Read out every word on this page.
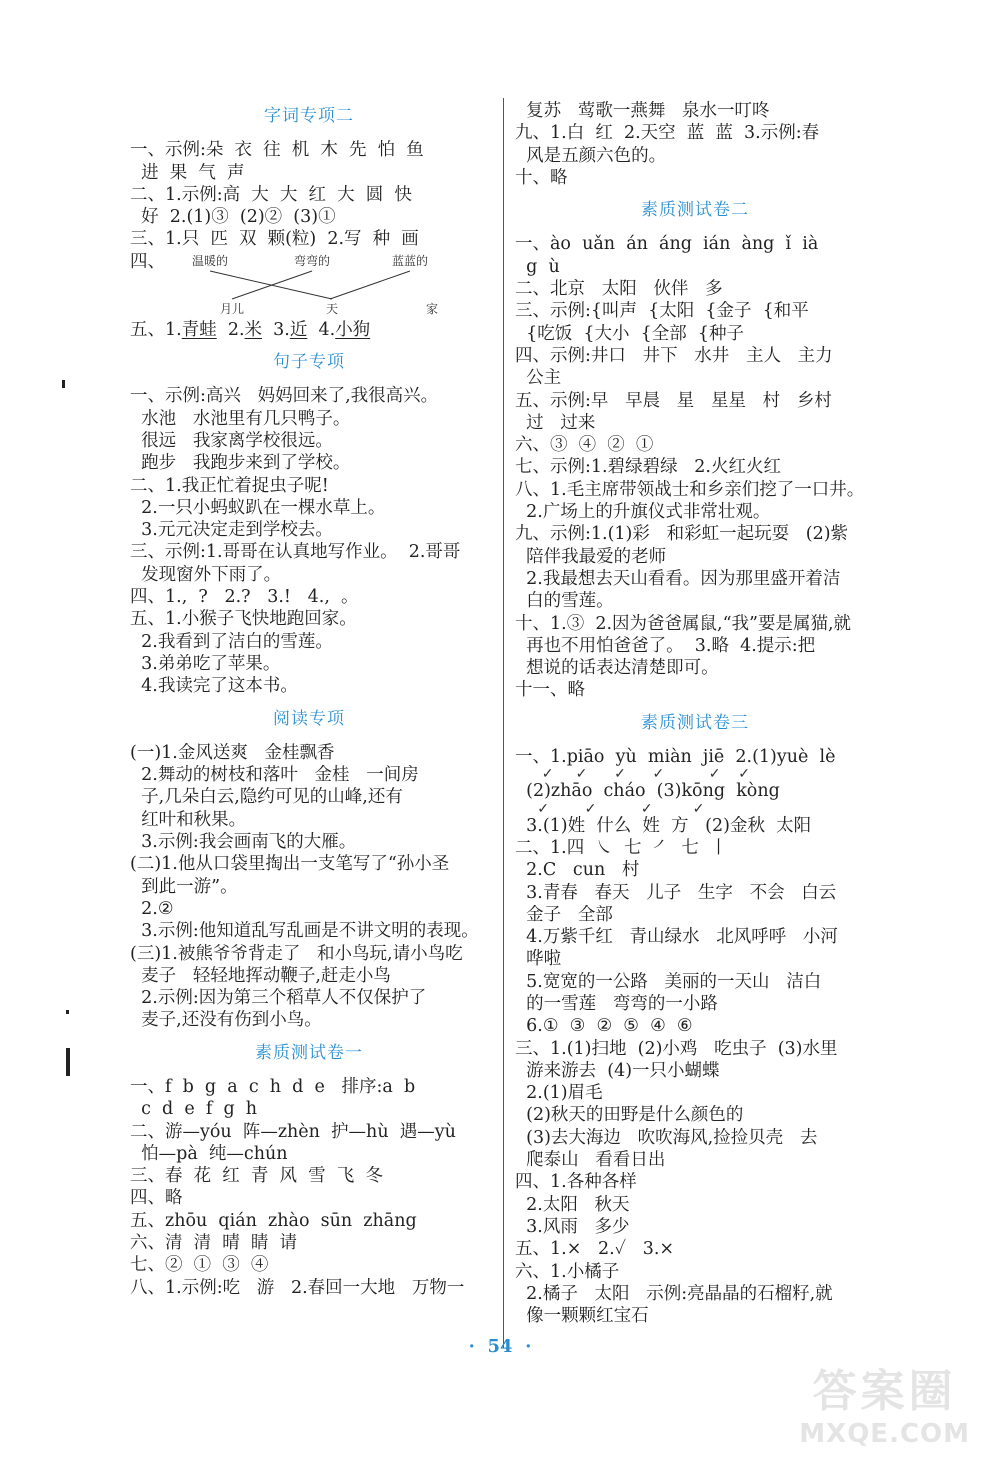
字词专项二
一、示例:朵  衣  往  机  木  先  怕  鱼
进  果  气  声
二、1.示例:高  大  大  红  大  圆  快
好  2.(1)③  (2)②  (3)①
三、1.只  匹  双  颗(粒)  2.写  种  画
四、 温暖的	弯弯的	蓝蓝的
月儿	天	家
五、1.青蛙  2.米  3.近  4.小狗
句子专项
一、示例:高兴   妈妈回来了,我很高兴。
水池   水池里有几只鸭子。
很远   我家离学校很远。
跑步   我跑步来到了学校。
二、1.我正忙着捉虫子呢!
2.一只小蚂蚁趴在一棵水草上。
3.元元决定走到学校去。
三、示例:1.哥哥在认真地写作业。  2.哥哥
发现窗外下雨了。
四、1.,  ?   2.?   3.!   4.,  。
五、1.小猴子飞快地跑回家。
2.我看到了洁白的雪莲。
3.弟弟吃了苹果。
4.我读完了这本书。
阅读专项
(一)1.金风送爽   金桂飘香
2.舞动的树枝和落叶   金桂   一间房
子,几朵白云,隐约可见的山峰,还有
红叶和秋果。
3.示例:我会画南飞的大雁。
(二)1.他从口袋里掏出一支笔写了“孙小圣
到此一游”。
2.②
3.示例:他知道乱写乱画是不讲文明的表现。
(三)1.被熊爷爷背走了   和小鸟玩,请小鸟吃
麦子   轻轻地挥动鞭子,赶走小鸟
2.示例:因为第三个稻草人不仅保护了
麦子,还没有伤到小鸟。
素质测试卷一
一、f  b  g  a  c  h  d  e   排序:a  b
c  d  e  f  g  h
二、游—yóu  阵—zhèn  护—hù  遇—yù
怕—pà  纯—chún
三、春  花  红  青  风  雪  飞  冬
四、略
五、zhōu  qián  zhào  sūn  zhāng
六、清  清  晴  睛  请
七、②  ①  ③  ④
八、1.示例:吃   游   2.春回一大地   万物一
复苏   莺歌一燕舞   泉水一叮咚
九、1.白  红  2.天空  蓝  蓝  3.示例:春
风是五颜六色的。
十、略
素质测试卷二
一、ào  uǎn  án  áng  ián  àng  ǐ  ià
g  ù
二、北京   太阳   伙伴   多
三、示例:{叫声  {太阳  {金子  {和平
{吃饭  {大小  {全部  {种子
四、示例:井口   井下   水井   主人   主力
公主
五、示例:早   早晨   星   星星   村   乡村
过   过来
六、③  ④  ②  ①
七、示例:1.碧绿碧绿   2.火红火红
八、1.毛主席带领战士和乡亲们挖了一口井。
2.广场上的升旗仪式非常壮观。
九、示例:1.(1)彩   和彩虹一起玩耍   (2)紫
陪伴我最爱的老师
2.我最想去天山看看。因为那里盛开着洁
白的雪莲。
十、1.③  2.因为爸爸属鼠,“我”要是属猫,就
再也不用怕爸爸了。  3.略  4.提示:把
想说的话表达清楚即可。
十一、略
素质测试卷三
一、1.piāo  yù  miàn  jiē  2.(1)yuè  lè
✓     ✓      ✓      ✓          ✓    ✓
(2)zhāo  cháo  (3)kōng  kòng
✓        ✓          ✓         ✓
3.(1)姓  什么  姓  方   (2)金秋  太阳
二、1.四  ㇏  七  ㇒  七  丨
2.C   cun   村
3.青春   春天   儿子   生字   不会   白云
金子   全部
4.万紫千红   青山绿水   北风呼呼   小河
哗啦
5.宽宽的一公路   美丽的一天山   洁白
的一雪莲   弯弯的一小路
6.①  ③  ②  ⑤  ④  ⑥
三、1.(1)扫地  (2)小鸡   吃虫子  (3)水里
游来游去  (4)一只小蝴蝶
2.(1)眉毛
(2)秋天的田野是什么颜色的
(3)去大海边   吹吹海风,捡捡贝壳   去
爬泰山   看看日出
四、1.各种各样
2.太阳   秋天
3.风雨   多少
五、1.×   2.✓   3.×
六、1.小橘子
2.橘子   太阳   示例:亮晶晶的石榴籽,就
像一颗颗红宝石
·  54  ·
答案圈
MXQE.COM
